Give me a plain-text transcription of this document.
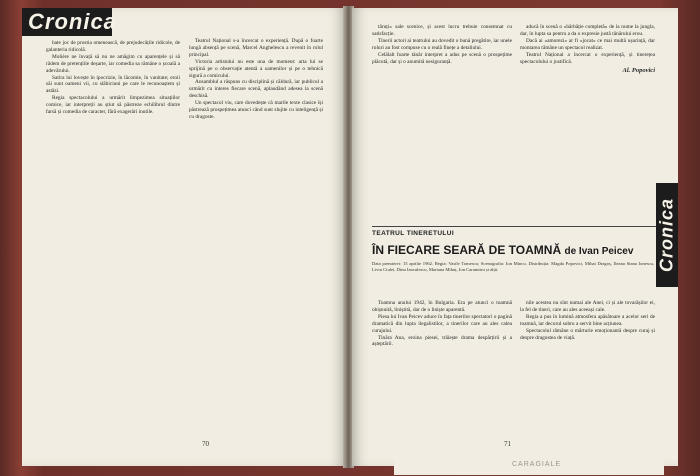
Cronica

bate joc de prostia omenească, de prejudecățile ridicole, de galanteria ridicolă.

Molière ne învață să nu ne amăgim cu aparențele și să râdem de pretențiile deșarte, iar comedia sa rămâne o școală a adevărului.

Satira lui lovește în ipocrizie, în lăcomie, în vanitate; eroii săi sunt oameni vii, cu slăbiciuni pe care le recunoaștem și astăzi.

Regia spectacolului a urmărit limpezimea situațiilor comice, iar interpreții au știut să păstreze echilibrul dintre farsă și comedia de caracter, fără exagerări inutile.

Teatrul Național s-a încercat o experiență. După o foarte lungă absență pe scenă, Marcel Anghelescu a revenit în rolul principal.

Victoria artistului nu este una de moment: arta lui se sprijină pe o observație atentă a oamenilor și pe o tehnică sigură a comicului.

Ansamblul a răspuns cu disciplină și căldură, iar publicul a urmărit cu interes fiecare scenă, aplaudând adesea la scenă deschisă.

Un spectacol viu, care dovedește că marile texte clasice își păstrează prospețimea atunci când sunt slujite cu inteligență și cu dragoste.

70

tăruți» sale scenice, și acest lucru trebuie consemnat cu satisfacție.

Tinerii actori ai teatrului au dovedit o bună pregătire, iar unele roluri au fost compuse cu o reală finețe a detaliului.

Celălalt foarte tânăr interpret a adus pe scenă o prospețime plăcută, dar și o anumită nesiguranță.

aducă în scenă o «bărbăție completă» de la nume la jungla, dar, în lupta sa pentru a da o expresie justă tânărului erou.

Dacă ai «amorezi» ar fi «jocat» ce mai multă ușurință, dar montarea rămâne un spectacol realizat.

Teatrul Național a încercat o experiență, și tinerețea spectacolului o justifică.

Al. Popovici
Cronica
TEATRUL TINERETULUI
ÎN FIECARE SEARĂ DE TOAMNĂ de Ivan Peicev
Data premierei: 15 aprilie 1962. Regia: Vasile Tomescu; Scenografia: Ion Mincu. Distribuția: Magda Popovici, Mihai Dragoș, Ileana Stana Ionescu, Liviu Ciulei, Dinu Ianculescu, Mariana Mihuț, Ion Caramitru și alții.

Toamna anului 1942, în Bulgaria. Era pe atunci o toamnă obișnuită, liniștită, dar de o liniște aparentă.

Piesa lui Ivan Peicev aduce în fața tinerilor spectatori o pagină dramatică din lupta ilegalistilor, a tinerilor care au ales calea curajului.

Tinăra Ana, eroina piesei, trăiește drama despărțirii și a așteptării.

nile acestea nu sînt numai ale Anei, ci și ale tovarășilor ei, la fel de tineri, care au ales aceeași cale.

Regia a pus în lumină atmosfera apăsătoare a acelor seri de toamnă, iar decorul sobru a servit bine acțiunea.

Spectacolul rămâne o mărturie emoționantă despre curaj și despre dragostea de viață.

71
CARAGIALE
